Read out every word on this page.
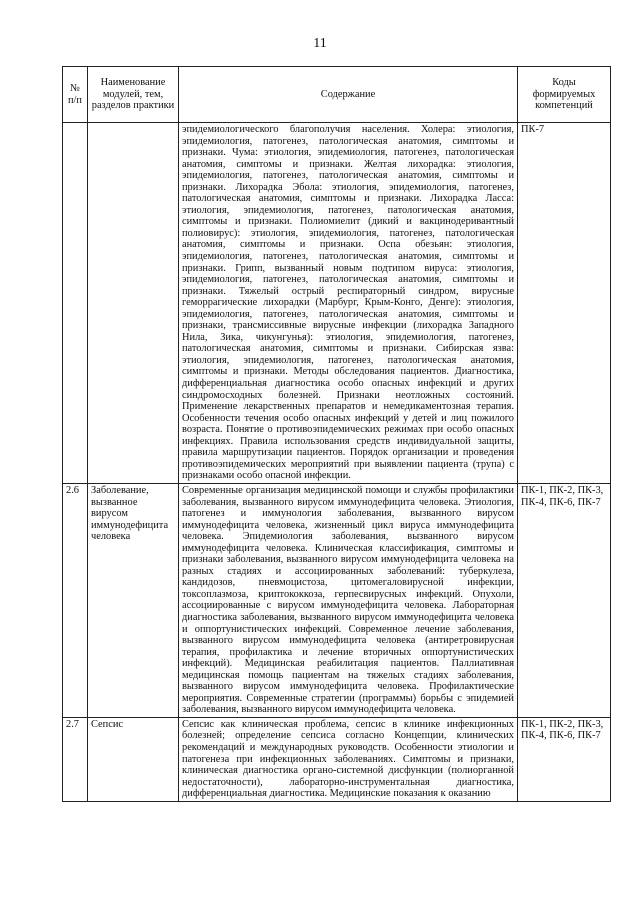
11
№ п/п	Наименование модулей, тем, разделов практики	Содержание	Коды формируемых компетенций
		эпидемиологического благополучия населения. Холера: этиология, эпидемиология, патогенез, патологическая анатомия, симптомы и признаки. Чума: этиология, эпидемиология, патогенез, патологическая анатомия, симптомы и признаки. Желтая лихорадка: этиология, эпидемиология, патогенез, патологическая анатомия, симптомы и признаки. Лихорадка Эбола: этиология, эпидемиология, патогенез, патологическая анатомия, симптомы и признаки. Лихорадка Ласса: этиология, эпидемиология, патогенез, патологическая анатомия, симптомы и признаки. Полиомиелит (дикий и вакцинодеривантный полиовирус): этиология, эпидемиология, патогенез, патологическая анатомия, симптомы и признаки. Оспа обезьян: этиология, эпидемиология, патогенез, патологическая анатомия, симптомы и признаки. Грипп, вызванный новым подтипом вируса: этиология, эпидемиология, патогенез, патологическая анатомия, симптомы и признаки. Тяжелый острый респираторный синдром, вирусные геморрагические лихорадки (Марбург, Крым-Конго, Денге): этиология, эпидемиология, патогенез, патологическая анатомия, симптомы и признаки, трансмиссивные вирусные инфекции (лихорадка Западного Нила, Зика, чикунгунья): этиология, эпидемиология, патогенез, патологическая анатомия, симптомы и признаки. Сибирская язва: этиология, эпидемиология, патогенез, патологическая анатомия, симптомы и признаки. Методы обследования пациентов. Диагностика, дифференциальная диагностика особо опасных инфекций и других синдромосходных болезней. Признаки неотложных состояний. Применение лекарственных препаратов и немедикаментозная терапия. Особенности течения особо опасных инфекций у детей и лиц пожилого возраста. Понятие о противоэпидемических режимах при особо опасных инфекциях. Правила использования средств индивидуальной защиты, правила маршрутизации пациентов. Порядок организации и проведения противоэпидемических мероприятий при выявлении пациента (трупа) с признаками особо опасной инфекции.	ПК-7
2.6	Заболевание, вызванное вирусом иммунодефицита человека	Современные организация медицинской помощи и службы профилактики заболевания, вызванного вирусом иммунодефицита человека. Этиология, патогенез и иммунология заболевания, вызванного вирусом иммунодефицита человека, жизненный цикл вируса иммунодефицита человека. Эпидемиология заболевания, вызванного вирусом иммунодефицита человека. Клиническая классификация, симптомы и признаки заболевания, вызванного вирусом иммунодефицита человека на разных стадиях и ассоциированных заболеваний: туберкулеза, кандидозов, пневмоцистоза, цитомегаловирусной инфекции, токсоплазмоза, криптококкоза, герпесвирусных инфекций. Опухоли, ассоциированные с вирусом иммунодефицита человека. Лабораторная диагностика заболевания, вызванного вирусом иммунодефицита человека и оппортунистических инфекций. Современное лечение заболевания, вызванного вирусом иммунодефицита человека (антиретровирусная терапия, профилактика и лечение вторичных оппортунистических инфекций). Медицинская реабилитация пациентов. Паллиативная медицинская помощь пациентам на тяжелых стадиях заболевания, вызванного вирусом иммунодефицита человека. Профилактические мероприятия. Современные стратегии (программы) борьбы с эпидемией заболевания, вызванного вирусом иммунодефицита человека.	ПК-1, ПК-2, ПК-3, ПК-4, ПК-6, ПК-7
2.7	Сепсис	Сепсис как клиническая проблема, сепсис в клинике инфекционных болезней; определение сепсиса согласно Концепции, клинических рекомендаций и международных руководств. Особенности этиологии и патогенеза при инфекционных заболеваниях. Симптомы и признаки, клиническая диагностика органо-системной дисфункции (полиорганной недостаточности), лабораторно-инструментальная диагностика, дифференциальная диагностика. Медицинские показания к оказанию	ПК-1, ПК-2, ПК-3, ПК-4, ПК-6, ПК-7
